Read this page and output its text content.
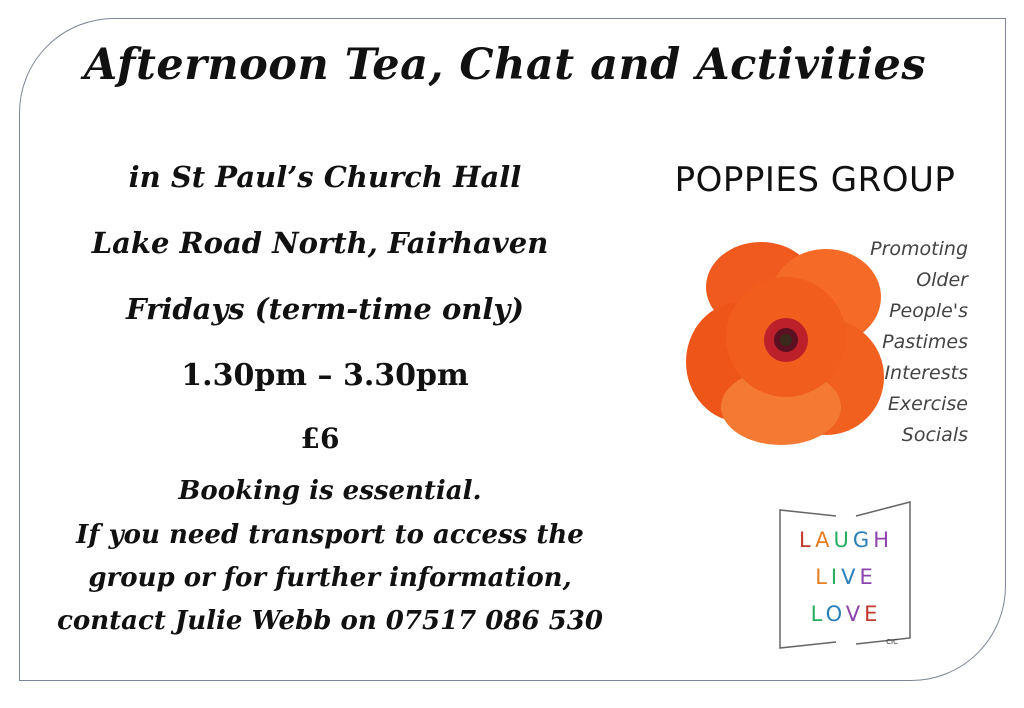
Afternoon Tea, Chat and Activities
in St Paul’s Church Hall
Lake Road North, Fairhaven
Fridays (term-time only)
1.30pm – 3.30pm
£6
Booking is essential.
If you need transport to access the
group or for further information,
contact Julie Webb on 07517 086 530
POPPIES GROUP
Promoting
Older
People's
Pastimes
Interests
Exercise
Socials
LAUGH
LIVE
LOVE
CIC
